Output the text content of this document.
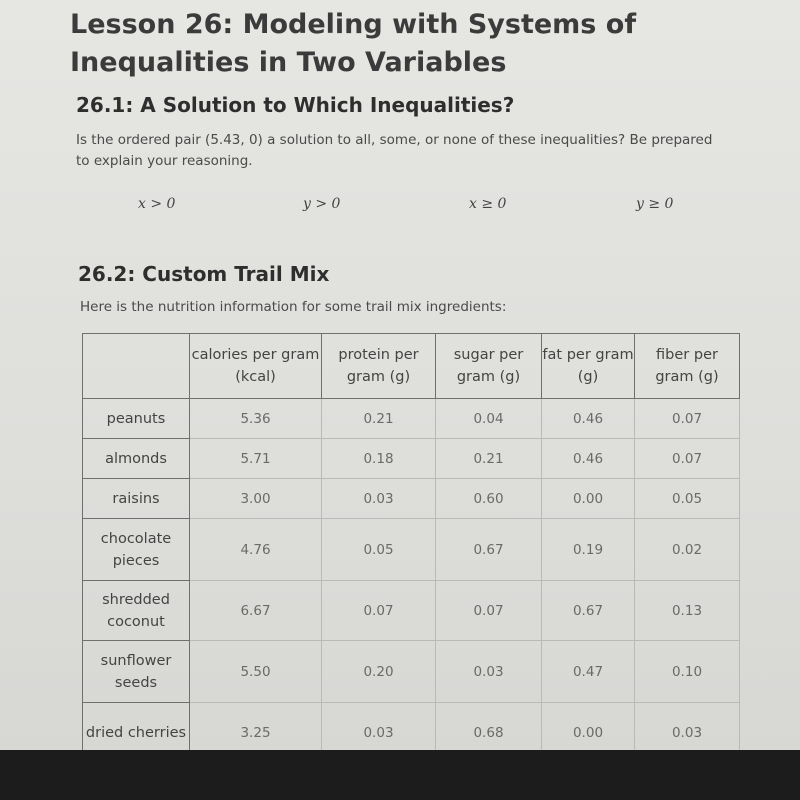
Lesson 26: Modeling with Systems of Inequalities in Two Variables
26.1: A Solution to Which Inequalities?

Is the ordered pair (5.43, 0) a solution to all, some, or none of these inequalities? Be prepared to explain your reasoning.

x > 0	y > 0	x ≥ 0	y ≥ 0
26.2: Custom Trail Mix

Here is the nutrition information for some trail mix ingredients:

	calories per gram (kcal)	protein per gram (g)	sugar per gram (g)	fat per gram (g)	fiber per gram (g)
peanuts	5.36	0.21	0.04	0.46	0.07
almonds	5.71	0.18	0.21	0.46	0.07
raisins	3.00	0.03	0.60	0.00	0.05
chocolate pieces	4.76	0.05	0.67	0.19	0.02
shredded coconut	6.67	0.07	0.07	0.67	0.13
sunflower seeds	5.50	0.20	0.03	0.47	0.10
dried cherries	3.25	0.03	0.68	0.00	0.03
